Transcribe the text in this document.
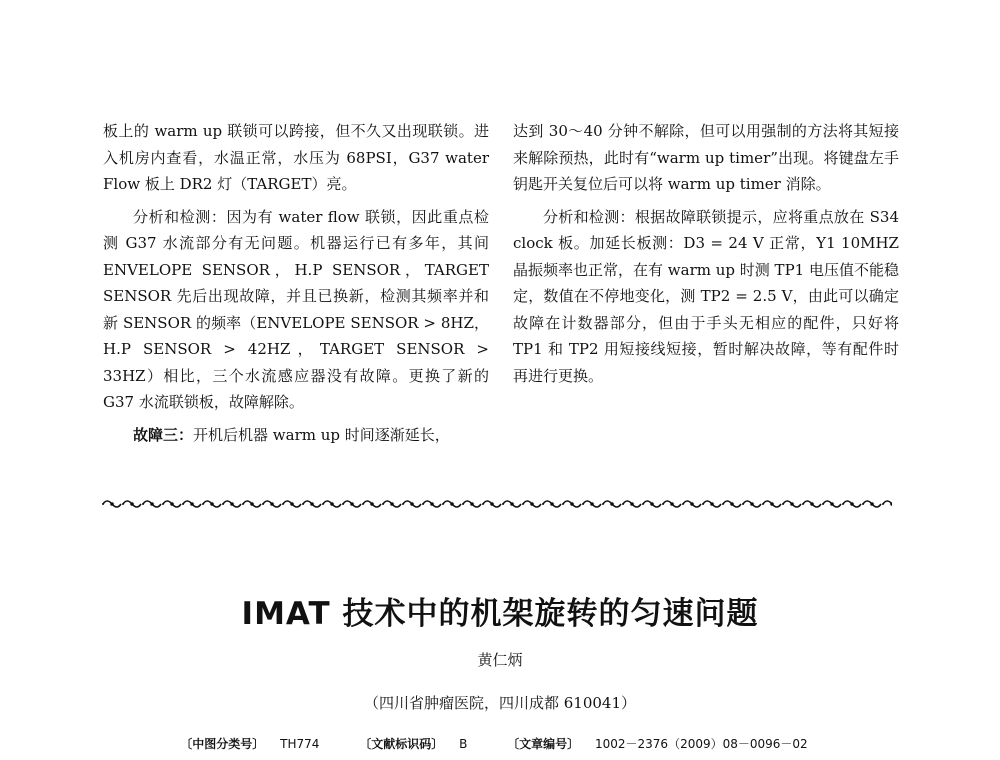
板上的 warm up 联锁可以跨接，但不久又出现联锁。进入机房内查看，水温正常，水压为 68PSI，G37 water Flow 板上 DR2 灯（TARGET）亮。

分析和检测：因为有 water flow 联锁，因此重点检测 G37 水流部分有无问题。机器运行已有多年，其间 ENVELOPE SENSOR，H.P SENSOR，TARGET SENSOR 先后出现故障，并且已换新，检测其频率并和新 SENSOR 的频率（ENVELOPE SENSOR > 8HZ，H.P SENSOR > 42HZ，TARGET SENSOR > 33HZ）相比，三个水流感应器没有故障。更换了新的 G37 水流联锁板，故障解除。

故障三：开机后机器 warm up 时间逐渐延长，

达到 30～40 分钟不解除，但可以用强制的方法将其短接来解除预热，此时有“warm up timer”出现。将键盘左手钥匙开关复位后可以将 warm up timer 消除。

分析和检测：根据故障联锁提示，应将重点放在 S34 clock 板。加延长板测：D3 = 24 V 正常，Y1 10MHZ 晶振频率也正常，在有 warm up 时测 TP1 电压值不能稳定，数值在不停地变化，测 TP2 = 2.5 V，由此可以确定故障在计数器部分，但由于手头无相应的配件，只好将 TP1 和 TP2 用短接线短接，暂时解决故障，等有配件时再进行更换。

IMAT 技术中的机架旋转的匀速问题
黄仁炳
（四川省肿瘤医院，四川成都 610041）
〔中图分类号〕 TH774	〔文献标识码〕 B	〔文章编号〕 1002－2376（2009）08－0096－02
